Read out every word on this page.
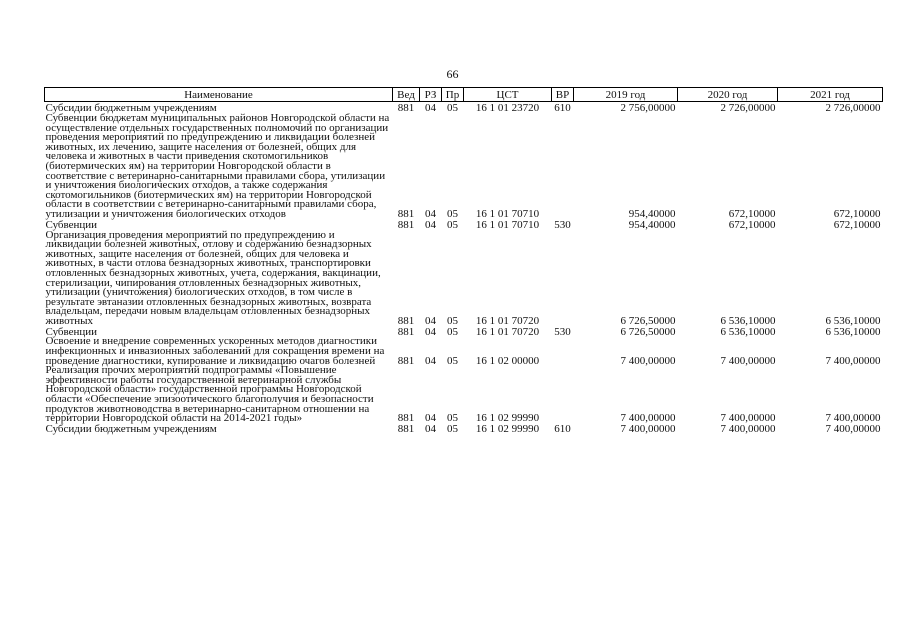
66
Наименование	Вед	РЗ	Пр	ЦСТ	ВР	2019 год	2020 год	2021 год
Субсидии бюджетным учреждениям	881	04	05	16 1 01 23720	610	2 756,00000	2 726,00000	2 726,00000
Субвенции бюджетам муниципальных районов Новгородской области на осуществление отдельных государственных полномочий по организации проведения мероприятий по предупреждению и ликвидации болезней животных, их лечению, защите населения от болезней, общих для человека и животных в части приведения скотомогильников (биотермических ям) на территории Новгородской области в соответствие с ветеринарно-санитарными правилами сбора, утилизации и уничтожения биологических отходов, а также содержания скотомогильников (биотермических ям) на территории Новгородской области в соответствии с ветеринарно-санитарными правилами сбора, утилизации и уничтожения биологических отходов	881	04	05	16 1 01 70710		954,40000	672,10000	672,10000
Субвенции	881	04	05	16 1 01 70710	530	954,40000	672,10000	672,10000
Организация проведения мероприятий по предупреждению и ликвидации болезней животных, отлову и содержанию безнадзорных животных, защите населения от болезней, общих для человека и животных, в части отлова безнадзорных животных, транспортировки отловленных безнадзорных животных, учета, содержания, вакцинации, стерилизации, чипирования отловленных безнадзорных животных, утилизации (уничтожения) биологических отходов, в том числе в результате эвтаназии отловленных безнадзорных животных, возврата владельцам, передачи новым владельцам отловленных безнадзорных животных	881	04	05	16 1 01 70720		6 726,50000	6 536,10000	6 536,10000
Субвенции	881	04	05	16 1 01 70720	530	6 726,50000	6 536,10000	6 536,10000
Освоение и внедрение современных ускоренных методов диагностики инфекционных и инвазионных заболеваний для сокращения времени на проведение диагностики, купирование и ликвидацию очагов болезней	881	04	05	16 1 02 00000		7 400,00000	7 400,00000	7 400,00000
Реализация прочих мероприятий подпрограммы «Повышение эффективности работы государственной ветеринарной службы Новгородской области» государственной программы Новгородской области «Обеспечение эпизоотического благополучия и безопасности продуктов животноводства в ветеринарно-санитарном отношении на территории Новгородской области на 2014-2021 годы»	881	04	05	16 1 02 99990		7 400,00000	7 400,00000	7 400,00000
Субсидии бюджетным учреждениям	881	04	05	16 1 02 99990	610	7 400,00000	7 400,00000	7 400,00000
